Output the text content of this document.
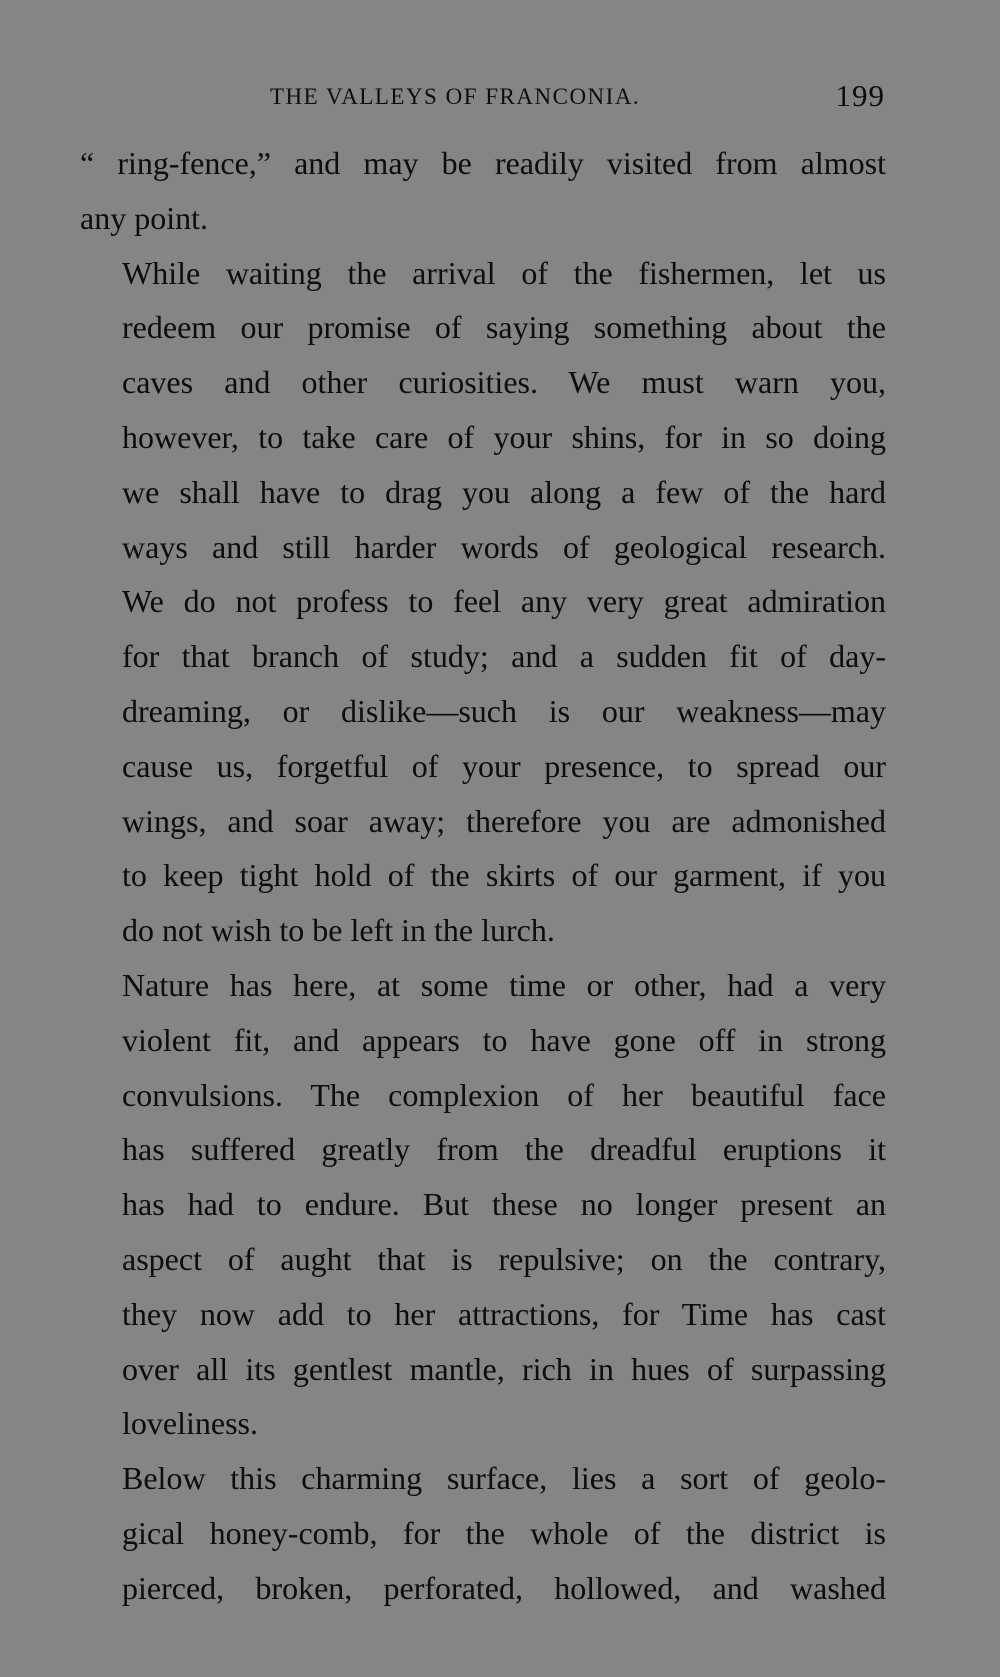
THE VALLEYS OF FRANCONIA.	199

“ ring-fence,” and may be readily visited from almost
any point.

While waiting the arrival of the fishermen, let us
redeem our promise of saying something about the
caves and other curiosities. We must warn you,
however, to take care of your shins, for in so doing
we shall have to drag you along a few of the hard
ways and still harder words of geological research.
We do not profess to feel any very great admiration
for that branch of study; and a sudden fit of day-
dreaming, or dislike—such is our weakness—may
cause us, forgetful of your presence, to spread our
wings, and soar away; therefore you are admonished
to keep tight hold of the skirts of our garment, if you
do not wish to be left in the lurch.

Nature has here, at some time or other, had a very
violent fit, and appears to have gone off in strong
convulsions. The complexion of her beautiful face
has suffered greatly from the dreadful eruptions it
has had to endure. But these no longer present an
aspect of aught that is repulsive; on the contrary,
they now add to her attractions, for Time has cast
over all its gentlest mantle, rich in hues of surpassing
loveliness.

Below this charming surface, lies a sort of geolo-
gical honey-comb, for the whole of the district is
pierced, broken, perforated, hollowed, and washed
